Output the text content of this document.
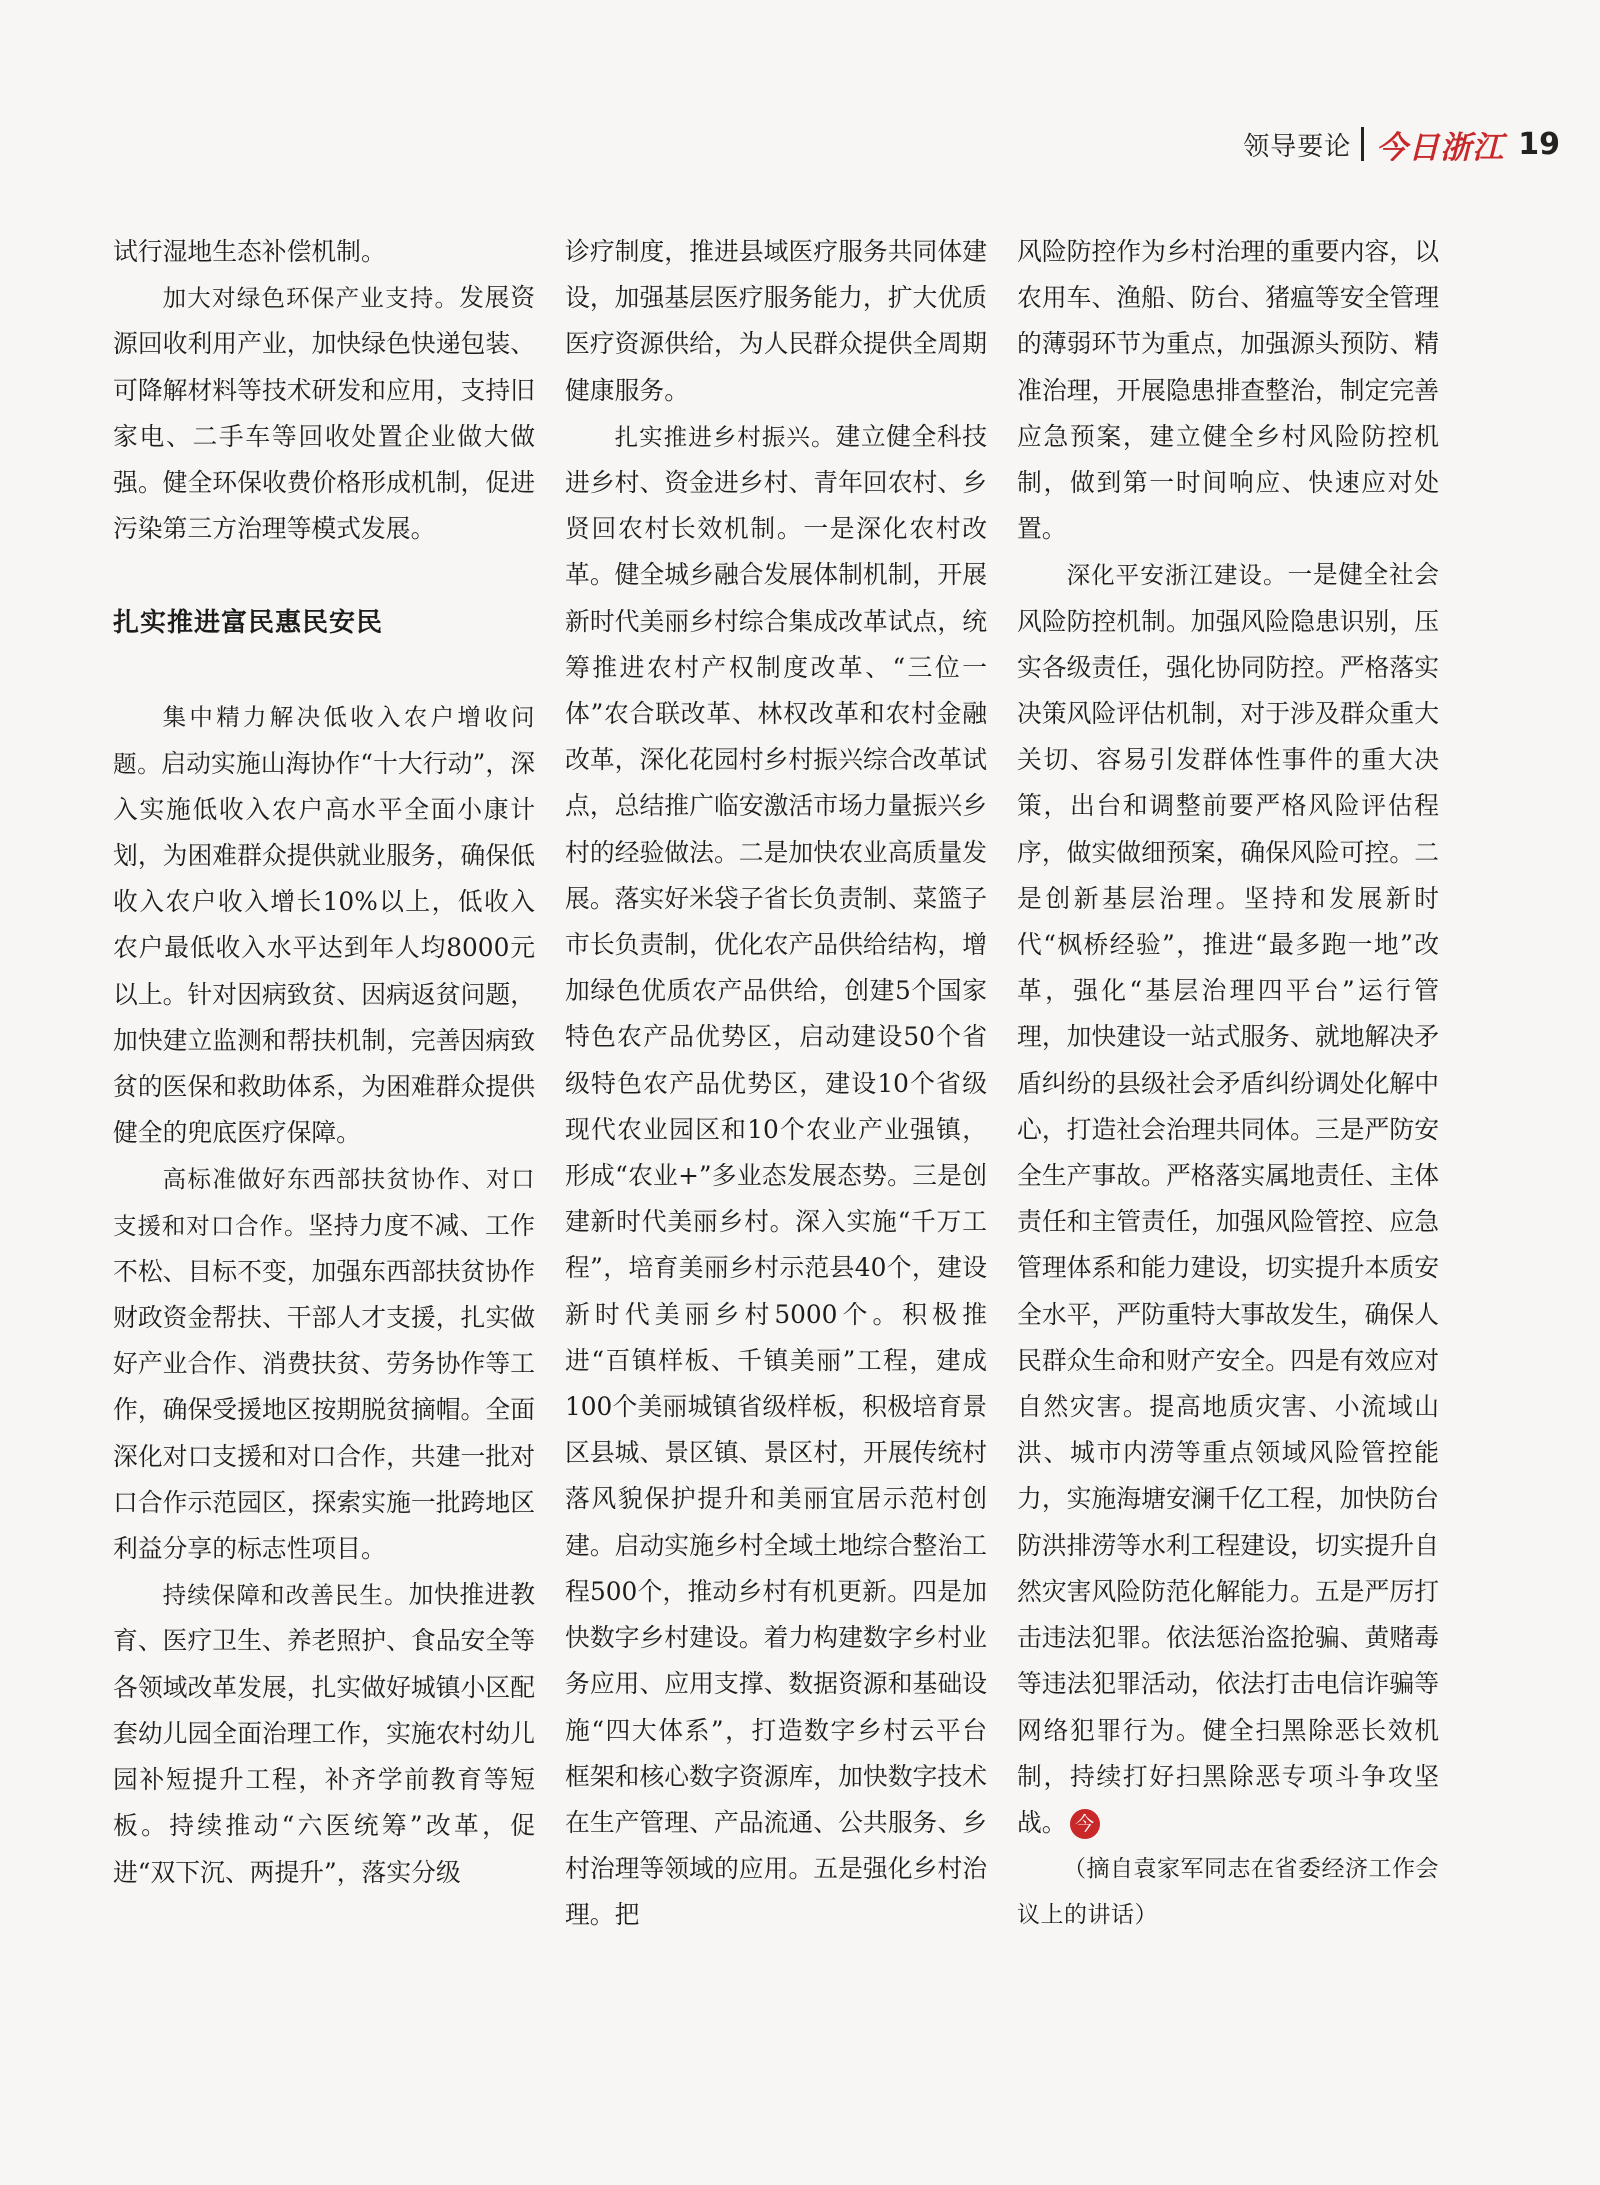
领导要论 今日浙江 19

试行湿地生态补偿机制。

加大对绿色环保产业支持。发展资源回收利用产业，加快绿色快递包装、可降解材料等技术研发和应用，支持旧家电、二手车等回收处置企业做大做强。健全环保收费价格形成机制，促进污染第三方治理等模式发展。

扎实推进富民惠民安民

集中精力解决低收入农户增收问题。启动实施山海协作“十大行动”，深入实施低收入农户高水平全面小康计划，为困难群众提供就业服务，确保低收入农户收入增长10%以上，低收入农户最低收入水平达到年人均8000元以上。针对因病致贫、因病返贫问题，加快建立监测和帮扶机制，完善因病致贫的医保和救助体系，为困难群众提供健全的兜底医疗保障。

高标准做好东西部扶贫协作、对口支援和对口合作。坚持力度不减、工作不松、目标不变，加强东西部扶贫协作财政资金帮扶、干部人才支援，扎实做好产业合作、消费扶贫、劳务协作等工作，确保受援地区按期脱贫摘帽。全面深化对口支援和对口合作，共建一批对口合作示范园区，探索实施一批跨地区利益分享的标志性项目。

持续保障和改善民生。加快推进教育、医疗卫生、养老照护、食品安全等各领域改革发展，扎实做好城镇小区配套幼儿园全面治理工作，实施农村幼儿园补短提升工程，补齐学前教育等短板。持续推动“六医统筹”改革，促进“双下沉、两提升”，落实分级

诊疗制度，推进县域医疗服务共同体建设，加强基层医疗服务能力，扩大优质医疗资源供给，为人民群众提供全周期健康服务。

扎实推进乡村振兴。建立健全科技进乡村、资金进乡村、青年回农村、乡贤回农村长效机制。一是深化农村改革。健全城乡融合发展体制机制，开展新时代美丽乡村综合集成改革试点，统筹推进农村产权制度改革、“三位一体”农合联改革、林权改革和农村金融改革，深化花园村乡村振兴综合改革试点，总结推广临安激活市场力量振兴乡村的经验做法。二是加快农业高质量发展。落实好米袋子省长负责制、菜篮子市长负责制，优化农产品供给结构，增加绿色优质农产品供给，创建5个国家特色农产品优势区，启动建设50个省级特色农产品优势区，建设10个省级现代农业园区和10个农业产业强镇，形成“农业+”多业态发展态势。三是创建新时代美丽乡村。深入实施“千万工程”，培育美丽乡村示范县40个，建设新时代美丽乡村5000个。积极推进“百镇样板、千镇美丽”工程，建成100个美丽城镇省级样板，积极培育景区县城、景区镇、景区村，开展传统村落风貌保护提升和美丽宜居示范村创建。启动实施乡村全域土地综合整治工程500个，推动乡村有机更新。四是加快数字乡村建设。着力构建数字乡村业务应用、应用支撑、数据资源和基础设施“四大体系”，打造数字乡村云平台框架和核心数字资源库，加快数字技术在生产管理、产品流通、公共服务、乡村治理等领域的应用。五是强化乡村治理。把

风险防控作为乡村治理的重要内容，以农用车、渔船、防台、猪瘟等安全管理的薄弱环节为重点，加强源头预防、精准治理，开展隐患排查整治，制定完善应急预案，建立健全乡村风险防控机制，做到第一时间响应、快速应对处置。

深化平安浙江建设。一是健全社会风险防控机制。加强风险隐患识别，压实各级责任，强化协同防控。严格落实决策风险评估机制，对于涉及群众重大关切、容易引发群体性事件的重大决策，出台和调整前要严格风险评估程序，做实做细预案，确保风险可控。二是创新基层治理。坚持和发展新时代“枫桥经验”，推进“最多跑一地”改革，强化“基层治理四平台”运行管理，加快建设一站式服务、就地解决矛盾纠纷的县级社会矛盾纠纷调处化解中心，打造社会治理共同体。三是严防安全生产事故。严格落实属地责任、主体责任和主管责任，加强风险管控、应急管理体系和能力建设，切实提升本质安全水平，严防重特大事故发生，确保人民群众生命和财产安全。四是有效应对自然灾害。提高地质灾害、小流域山洪、城市内涝等重点领域风险管控能力，实施海塘安澜千亿工程，加快防台防洪排涝等水利工程建设，切实提升自然灾害风险防范化解能力。五是严厉打击违法犯罪。依法惩治盗抢骗、黄赌毒等违法犯罪活动，依法打击电信诈骗等网络犯罪行为。健全扫黑除恶长效机制，持续打好扫黑除恶专项斗争攻坚战。 今

（摘自袁家军同志在省委经济工作会议上的讲话）
